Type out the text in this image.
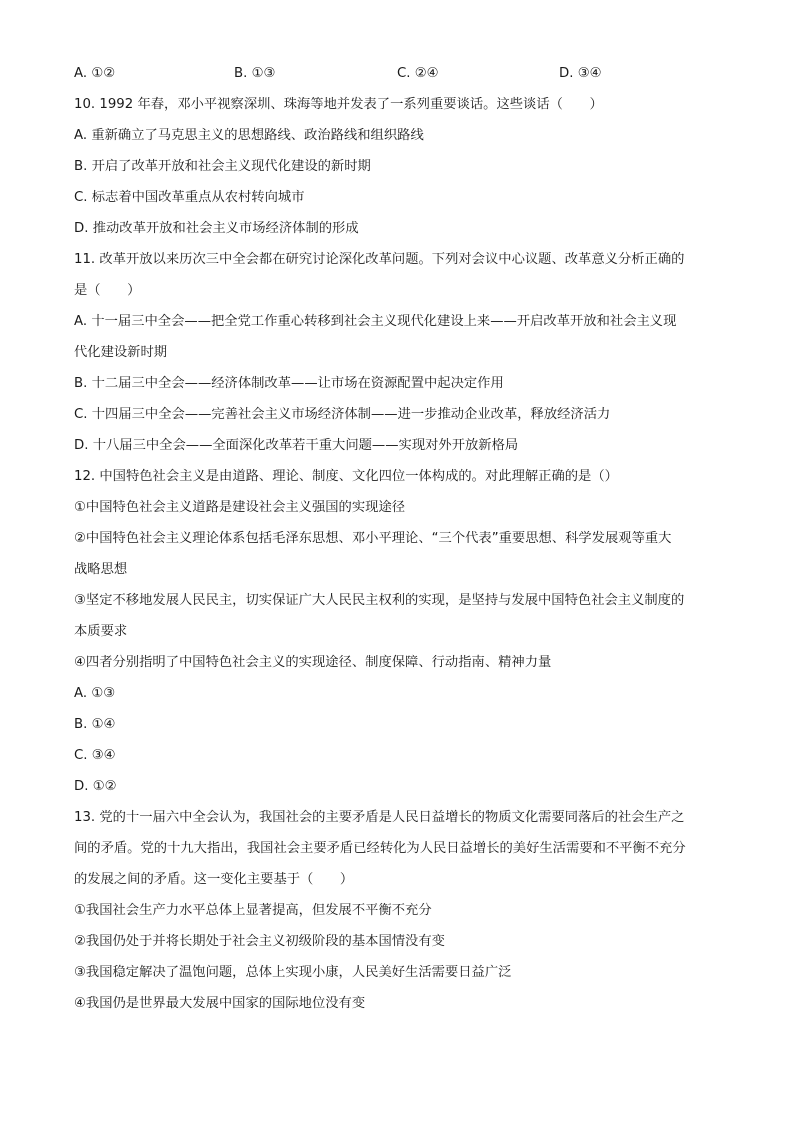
A. ①②	B. ①③	C. ②④	D. ③④
10. 1992 年春，邓小平视察深圳、珠海等地并发表了一系列重要谈话。这些谈话（　　）
A. 重新确立了马克思主义的思想路线、政治路线和组织路线
B. 开启了改革开放和社会主义现代化建设的新时期
C. 标志着中国改革重点从农村转向城市
D. 推动改革开放和社会主义市场经济体制的形成
11. 改革开放以来历次三中全会都在研究讨论深化改革问题。下列对会议中心议题、改革意义分析正确的
是（　　）
A. 十一届三中全会——把全党工作重心转移到社会主义现代化建设上来——开启改革开放和社会主义现
代化建设新时期
B. 十二届三中全会——经济体制改革——让市场在资源配置中起决定作用
C. 十四届三中全会——完善社会主义市场经济体制——进一步推动企业改革，释放经济活力
D. 十八届三中全会——全面深化改革若干重大问题——实现对外开放新格局
12. 中国特色社会主义是由道路、理论、制度、文化四位一体构成的。对此理解正确的是（）
①中国特色社会主义道路是建设社会主义强国的实现途径
②中国特色社会主义理论体系包括毛泽东思想、邓小平理论、“三个代表”重要思想、科学发展观等重大
战略思想
③坚定不移地发展人民民主，切实保证广大人民民主权利的实现，是坚持与发展中国特色社会主义制度的
本质要求
④四者分别指明了中国特色社会主义的实现途径、制度保障、行动指南、精神力量
A. ①③
B. ①④
C. ③④
D. ①②
13. 党的十一届六中全会认为，我国社会的主要矛盾是人民日益增长的物质文化需要同落后的社会生产之
间的矛盾。党的十九大指出，我国社会主要矛盾已经转化为人民日益增长的美好生活需要和不平衡不充分
的发展之间的矛盾。这一变化主要基于（　　）
①我国社会生产力水平总体上显著提高，但发展不平衡不充分
②我国仍处于并将长期处于社会主义初级阶段的基本国情没有变
③我国稳定解决了温饱问题，总体上实现小康，人民美好生活需要日益广泛
④我国仍是世界最大发展中国家的国际地位没有变
